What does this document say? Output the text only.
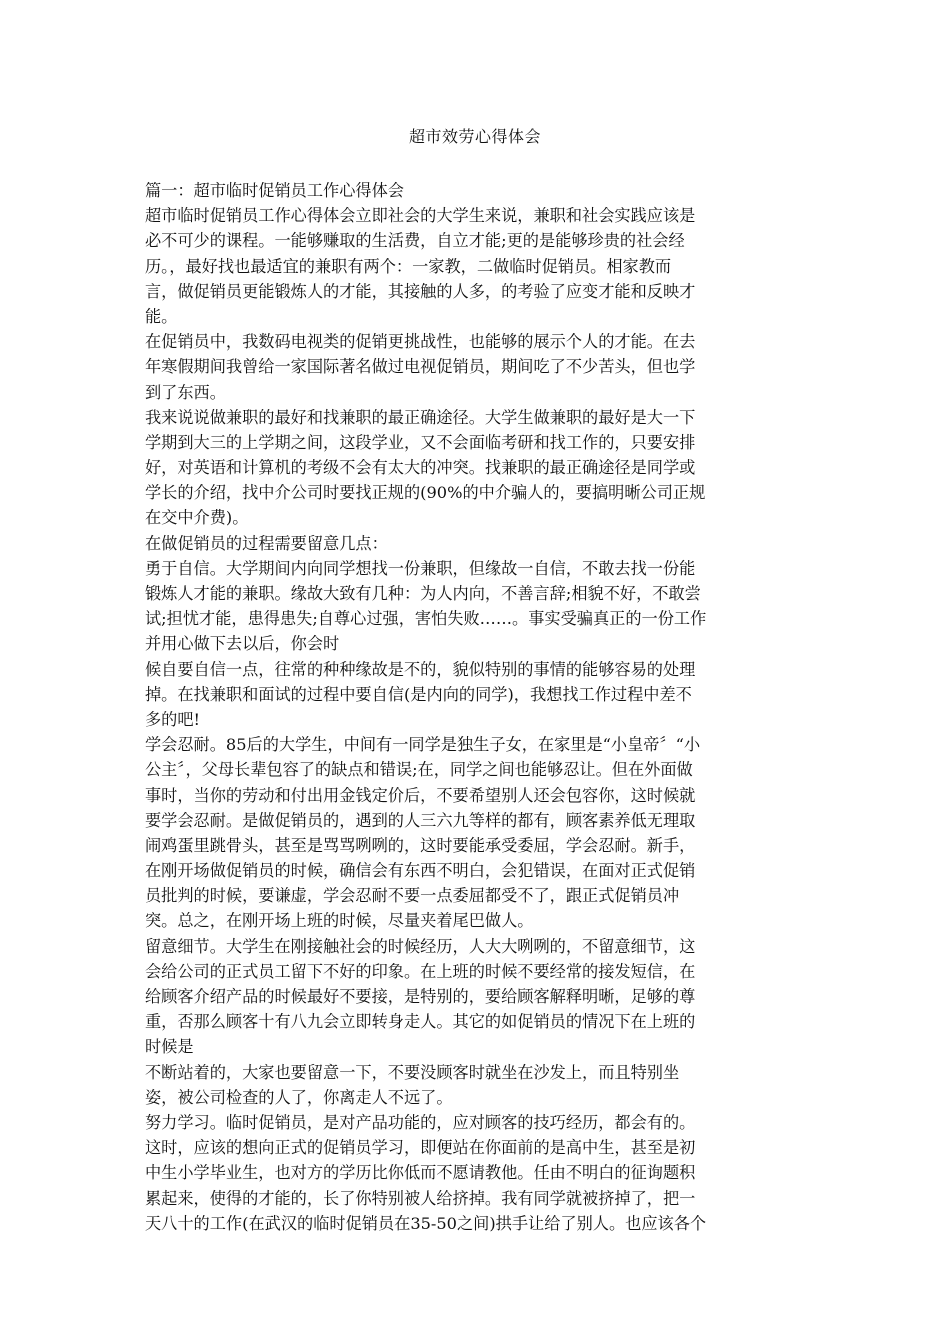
超市效劳心得体会
篇一：超市临时促销员工作心得体会
超市临时促销员工作心得体会立即社会的大学生来说，兼职和社会实践应该是
必不可少的课程。一能够赚取的生活费，自立才能;更的是能够珍贵的社会经
历。，最好找也最适宜的兼职有两个：一家教，二做临时促销员。相家教而
言，做促销员更能锻炼人的才能，其接触的人多，的考验了应变才能和反映才
能。
在促销员中，我数码电视类的促销更挑战性，也能够的展示个人的才能。在去
年寒假期间我曾给一家国际著名做过电视促销员，期间吃了不少苦头，但也学
到了东西。
我来说说做兼职的最好和找兼职的最正确途径。大学生做兼职的最好是大一下
学期到大三的上学期之间，这段学业，又不会面临考研和找工作的，只要安排
好，对英语和计算机的考级不会有太大的冲突。找兼职的最正确途径是同学或
学长的介绍，找中介公司时要找正规的(90%的中介骗人的，要搞明晰公司正规
在交中介费)。
在做促销员的过程需要留意几点：
勇于自信。大学期间内向同学想找一份兼职，但缘故一自信，不敢去找一份能
锻炼人才能的兼职。缘故大致有几种：为人内向，不善言辞;相貌不好，不敢尝
试;担忧才能，患得患失;自尊心过强，害怕失败……。事实受骗真正的一份工作
并用心做下去以后，你会时
候自要自信一点，往常的种种缘故是不的，貌似特别的事情的能够容易的处理
掉。在找兼职和面试的过程中要自信(是内向的同学)，我想找工作过程中差不
多的吧!
学会忍耐。85后的大学生，中间有一同学是独生子女，在家里是“小皇帝〞“小
公主〞，父母长辈包容了的缺点和错误;在，同学之间也能够忍让。但在外面做
事时，当你的劳动和付出用金钱定价后，不要希望别人还会包容你，这时候就
要学会忍耐。是做促销员的，遇到的人三六九等样的都有，顾客素养低无理取
闹鸡蛋里跳骨头，甚至是骂骂咧咧的，这时要能承受委屈，学会忍耐。新手，
在刚开场做促销员的时候，确信会有东西不明白，会犯错误，在面对正式促销
员批判的时候，要谦虚，学会忍耐不要一点委屈都受不了，跟正式促销员冲
突。总之，在刚开场上班的时候，尽量夹着尾巴做人。
留意细节。大学生在刚接触社会的时候经历，人大大咧咧的，不留意细节，这
会给公司的正式员工留下不好的印象。在上班的时候不要经常的接发短信，在
给顾客介绍产品的时候最好不要接，是特别的，要给顾客解释明晰，足够的尊
重，否那么顾客十有八九会立即转身走人。其它的如促销员的情况下在上班的
时候是
不断站着的，大家也要留意一下，不要没顾客时就坐在沙发上，而且特别坐
姿，被公司检查的人了，你离走人不远了。
努力学习。临时促销员，是对产品功能的，应对顾客的技巧经历，都会有的。
这时，应该的想向正式的促销员学习，即便站在你面前的是高中生，甚至是初
中生小学毕业生，也对方的学历比你低而不愿请教他。任由不明白的征询题积
累起来，使得的才能的，长了你特别被人给挤掉。我有同学就被挤掉了，把一
天八十的工作(在武汉的临时促销员在35-50之间)拱手让给了别人。也应该各个
